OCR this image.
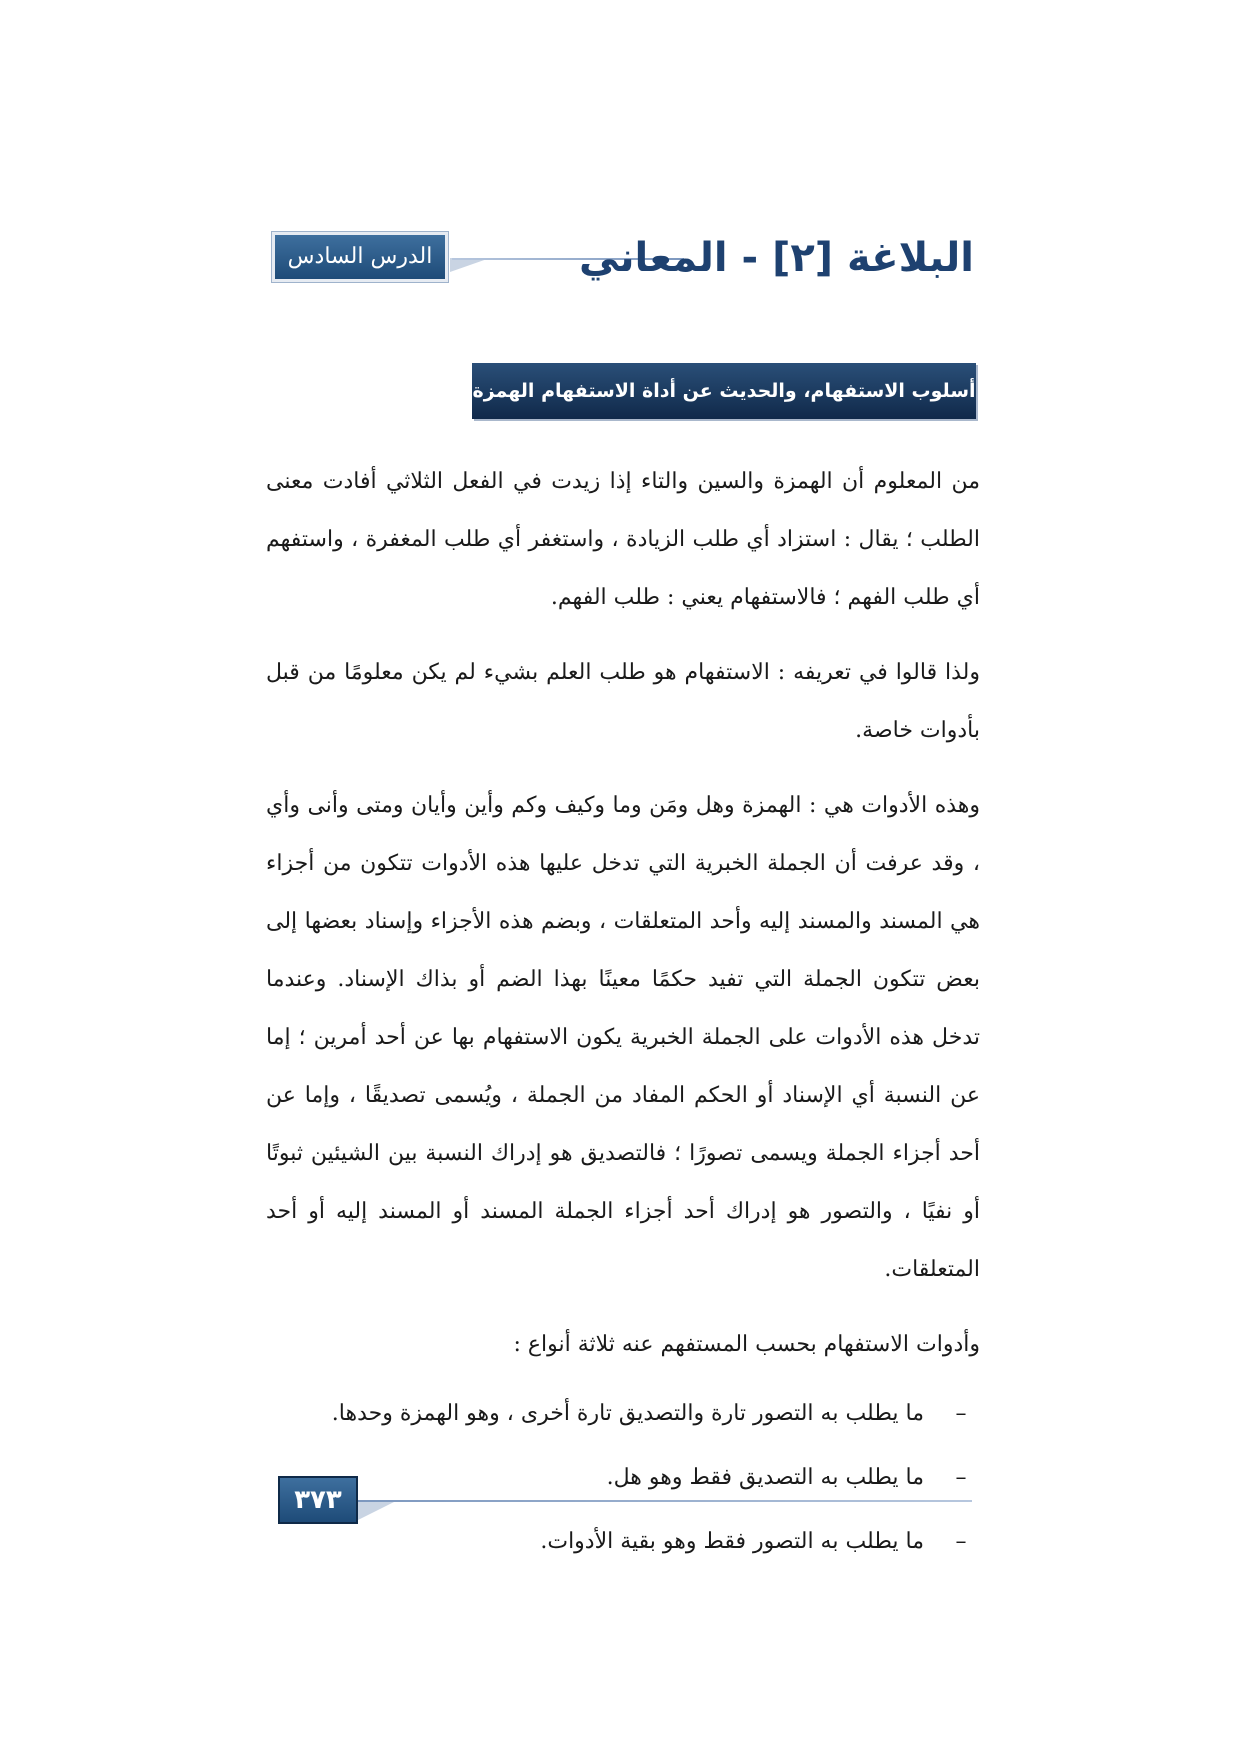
الدرس السادس عشر
البلاغة [٢] - المعاني
أسلوب الاستفهام، والحديث عن أداة الاستفهام الهمزة

من المعلوم أن الهمزة والسين والتاء إذا زيدت في الفعل الثلاثي أفادت معنى الطلب ؛ يقال : استزاد أي طلب الزيادة ، واستغفر أي طلب المغفرة ، واستفهم أي طلب الفهم ؛ فالاستفهام يعني : طلب الفهم.

ولذا قالوا في تعريفه : الاستفهام هو طلب العلم بشيء لم يكن معلومًا من قبل بأدوات خاصة.

وهذه الأدوات هي : الهمزة وهل ومَن وما وكيف وكم وأين وأيان ومتى وأنى وأي ، وقد عرفت أن الجملة الخبرية التي تدخل عليها هذه الأدوات تتكون من أجزاء هي المسند والمسند إليه وأحد المتعلقات ، وبضم هذه الأجزاء وإسناد بعضها إلى بعض تتكون الجملة التي تفيد حكمًا معينًا بهذا الضم أو بذاك الإسناد. وعندما تدخل هذه الأدوات على الجملة الخبرية يكون الاستفهام بها عن أحد أمرين ؛ إما عن النسبة أي الإسناد أو الحكم المفاد من الجملة ، ويُسمى تصديقًا ، وإما عن أحد أجزاء الجملة ويسمى تصورًا ؛ فالتصديق هو إدراك النسبة بين الشيئين ثبوتًا أو نفيًا ، والتصور هو إدراك أحد أجزاء الجملة المسند أو المسند إليه أو أحد المتعلقات.

وأدوات الاستفهام بحسب المستفهم عنه ثلاثة أنواع :

–
ما يطلب به التصور تارة والتصديق تارة أخرى ، وهو الهمزة وحدها.
–
ما يطلب به التصديق فقط وهو هل.
–
ما يطلب به التصور فقط وهو بقية الأدوات.
٣٧٣
